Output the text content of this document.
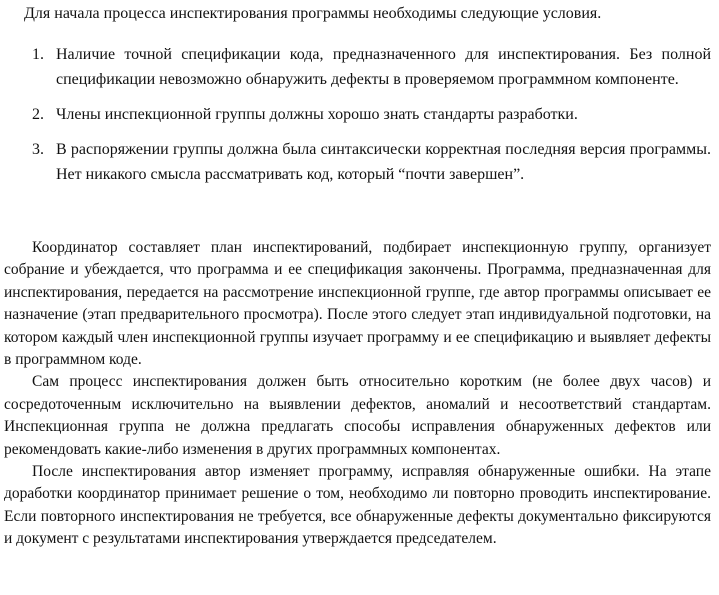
Для начала процесса инспектирования программы необходимы следующие условия.

1. Наличие точной спецификации кода, предназначенного для инспектирования. Без полной спецификации невозможно обнаружить дефекты в проверяемом программном компоненте.
2. Члены инспекционной группы должны хорошо знать стандарты разработки.
3. В распоряжении группы должна была синтаксически корректная последняя версия программы. Нет никакого смысла рассматривать код, который “почти завершен”.

Координатор составляет план инспектирований, подбирает инспекционную группу, организует собрание и убеждается, что программа и ее спецификация закончены. Программа, предназначенная для инспектирования, передается на рассмотрение инспекционной группе, где автор программы описывает ее назначение (этап предварительного просмотра). После этого следует этап индивидуальной подготовки, на котором каждый член инспекционной группы изучает программу и ее спецификацию и выявляет дефекты в программном коде.

Сам процесс инспектирования должен быть относительно коротким (не более двух часов) и сосредоточенным исключительно на выявлении дефектов, аномалий и несоответствий стандартам. Инспекционная группа не должна предлагать способы исправления обнаруженных дефектов или рекомендовать какие-либо изменения в других программных компонентах.

После инспектирования автор изменяет программу, исправляя обнаруженные ошибки. На этапе доработки координатор принимает решение о том, необходимо ли повторно проводить инспектирование. Если повторного инспектирования не требуется, все обнаруженные дефекты документально фиксируются и документ с результатами инспектирования утверждается председателем.
